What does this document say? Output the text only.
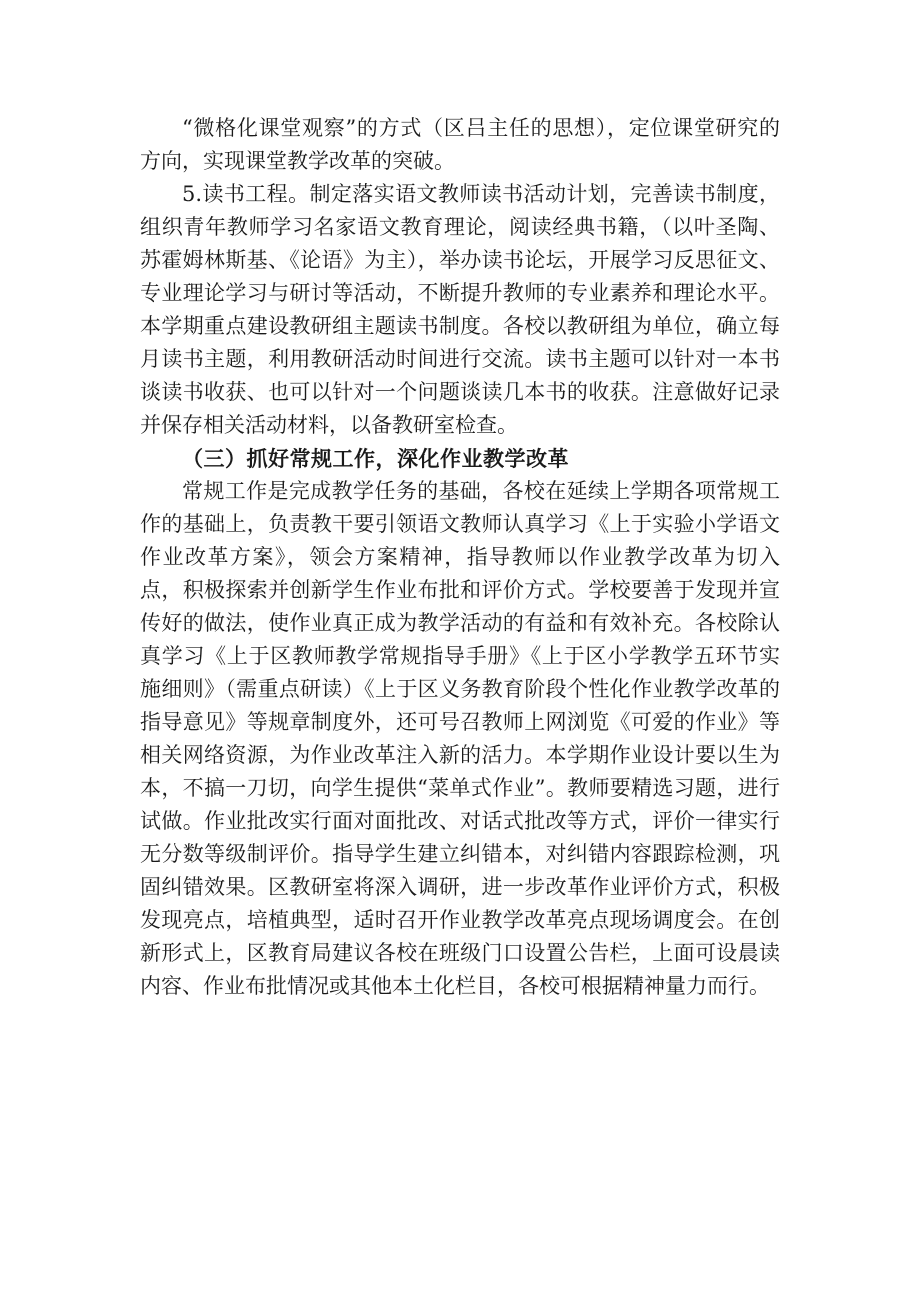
“微格化课堂观察”的方式（区吕主任的思想），定位课堂研究的方向，实现课堂教学改革的突破。

5.读书工程。制定落实语文教师读书活动计划，完善读书制度，组织青年教师学习名家语文教育理论，阅读经典书籍，（以叶圣陶、苏霍姆林斯基、《论语》为主），举办读书论坛，开展学习反思征文、专业理论学习与研讨等活动，不断提升教师的专业素养和理论水平。本学期重点建设教研组主题读书制度。各校以教研组为单位，确立每月读书主题，利用教研活动时间进行交流。读书主题可以针对一本书谈读书收获、也可以针对一个问题谈读几本书的收获。注意做好记录并保存相关活动材料，以备教研室检查。

（三）抓好常规工作，深化作业教学改革

常规工作是完成教学任务的基础，各校在延续上学期各项常规工作的基础上，负责教干要引领语文教师认真学习《上于实验小学语文作业改革方案》，领会方案精神，指导教师以作业教学改革为切入点，积极探索并创新学生作业布批和评价方式。学校要善于发现并宣传好的做法，使作业真正成为教学活动的有益和有效补充。各校除认真学习《上于区教师教学常规指导手册》《上于区小学教学五环节实施细则》（需重点研读）《上于区义务教育阶段个性化作业教学改革的指导意见》等规章制度外，还可号召教师上网浏览《可爱的作业》等相关网络资源，为作业改革注入新的活力。本学期作业设计要以生为本，不搞一刀切，向学生提供“菜单式作业”。教师要精选习题，进行试做。作业批改实行面对面批改、对话式批改等方式，评价一律实行无分数等级制评价。指导学生建立纠错本，对纠错内容跟踪检测，巩固纠错效果。区教研室将深入调研，进一步改革作业评价方式，积极发现亮点，培植典型，适时召开作业教学改革亮点现场调度会。在创新形式上，区教育局建议各校在班级门口设置公告栏，上面可设晨读内容、作业布批情况或其他本土化栏目，各校可根据精神量力而行。
